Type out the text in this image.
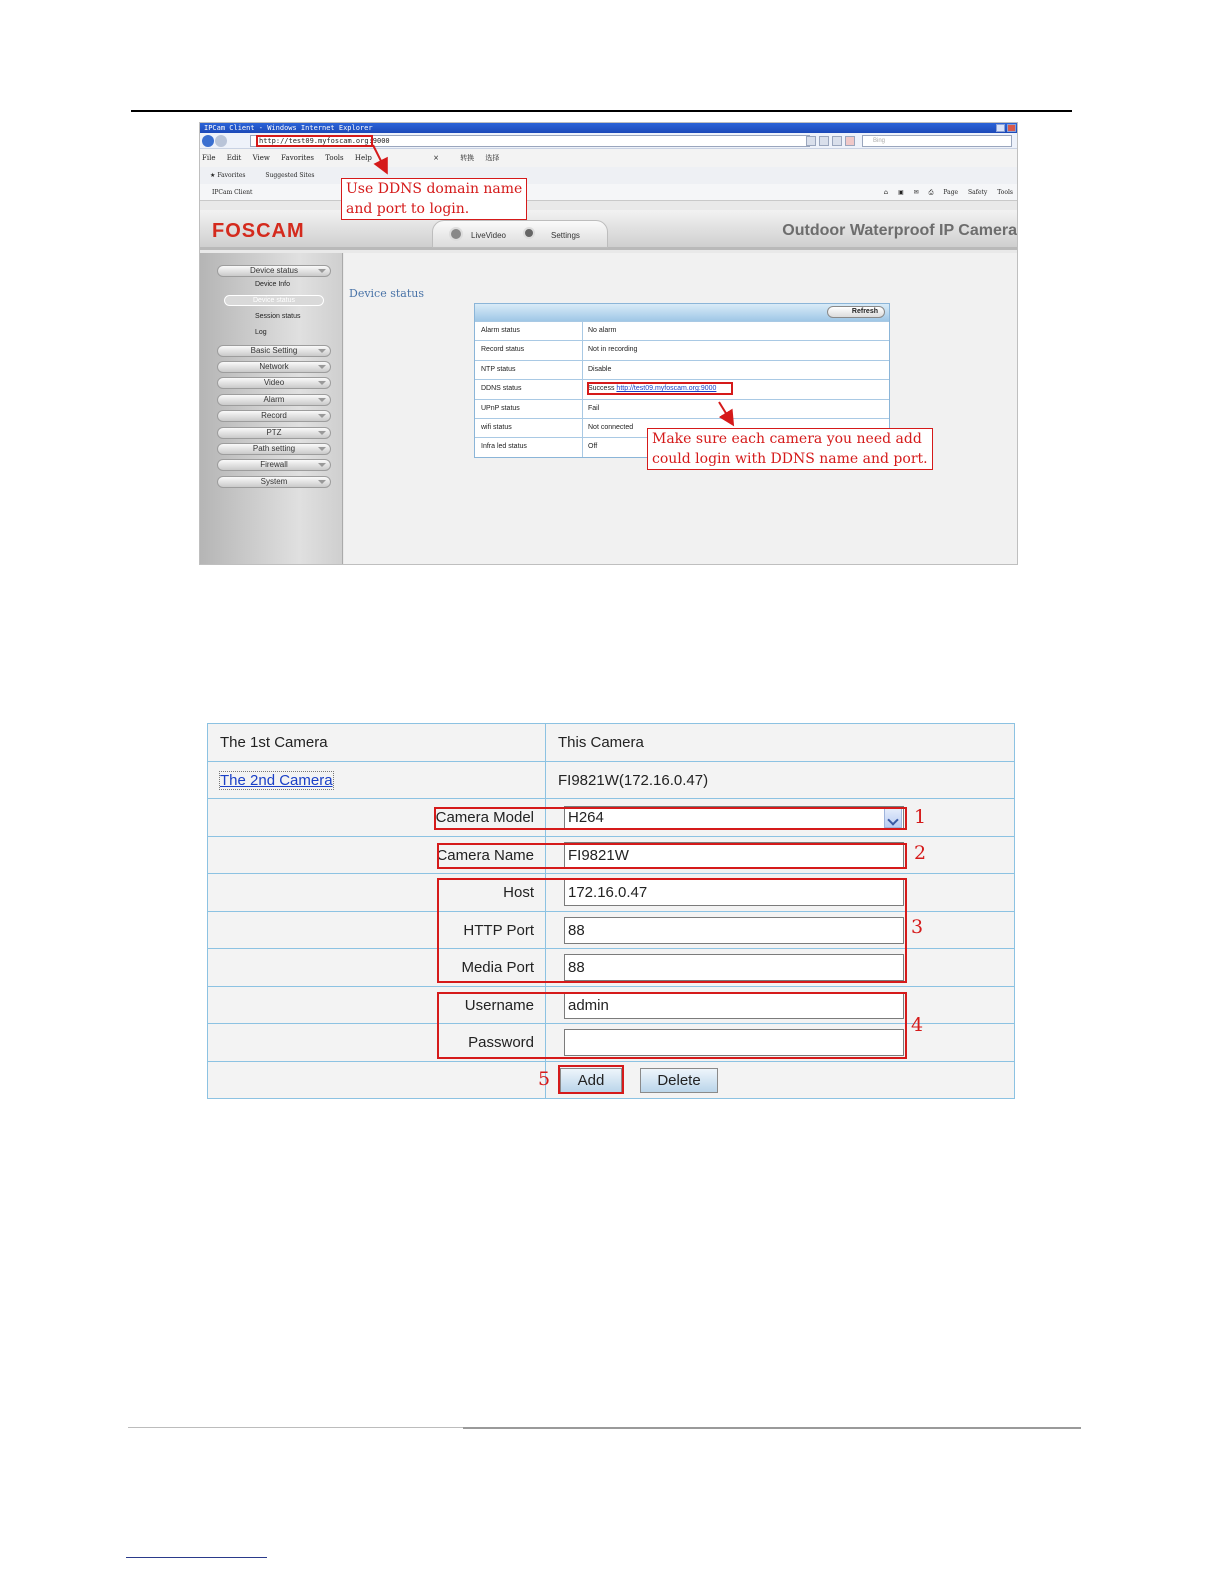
IPCam Client - Windows Internet Explorer
http://test09.myfoscam.org:9000	Bing
File Edit View Favorites Tools Help	×	转换 选择
★ Favorites	Suggested Sites
IPCam Client	⌂ ▣ ✉ ⎙ Page Safety Tools
FOSCAM	LiveVideo	Settings	Outdoor Waterproof IP Camera
Device status
Device Info
Device status
Session status
Log
Basic Setting
Network
Video
Alarm
Record
PTZ
Path setting
Firewall
System
Device status
Refresh
Alarm status	No alarm
Record status	Not in recording
NTP status	Disable
DDNS status	Success http://test09.myfoscam.org:9000
UPnP status	Fail
wifi status	Not connected
Infra led status	Off
Use DDNS domain name
and port to login.
Make sure each camera you need add
could login with DDNS name and port.
The 1st Camera	This Camera
The 2nd Camera	FI9821W(172.16.0.47)
Camera Model H264
Camera Name FI9821W
Host 172.16.0.47
HTTP Port 88
Media Port 88
Username admin
Password
Add	Delete
1
2
3
4
5
